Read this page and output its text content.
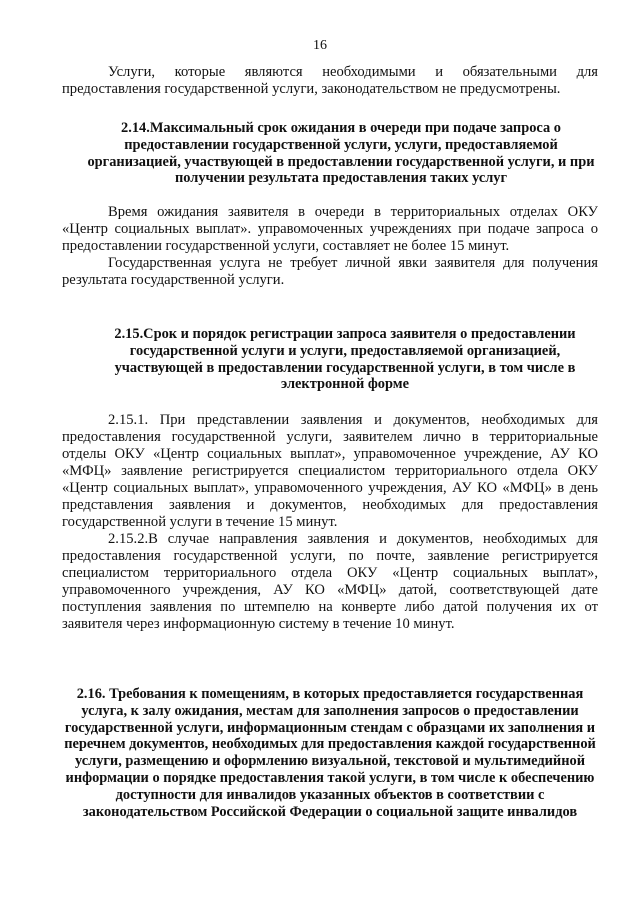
16

Услуги, которые являются необходимыми и обязательными для предоставления государственной услуги, законодательством не предусмотрены.

2.14.Максимальный срок ожидания в очереди при подаче запроса о предоставлении государственной услуги, услуги, предоставляемой организацией, участвующей в предоставлении государственной услуги, и при получении результата предоставления таких услуг

Время ожидания заявителя в очереди в территориальных отделах ОКУ «Центр социальных выплат». управомоченных учреждениях при подаче запроса о предоставлении государственной услуги, составляет не более 15 минут.

Государственная услуга не требует личной явки заявителя для получения результата государственной услуги.

2.15.Срок и порядок регистрации запроса заявителя о предоставлении государственной услуги и услуги, предоставляемой организацией, участвующей в предоставлении государственной услуги, в том числе в электронной форме

2.15.1. При представлении заявления и документов, необходимых для предоставления государственной услуги, заявителем лично в территориальные отделы ОКУ «Центр социальных выплат», управомоченное учреждение, АУ КО «МФЦ» заявление регистрируется специалистом территориального отдела ОКУ «Центр социальных выплат», управомоченного учреждения, АУ КО «МФЦ» в день представления заявления и документов, необходимых для предоставления государственной услуги в течение 15 минут.

2.15.2.В случае направления заявления и документов, необходимых для предоставления государственной услуги, по почте, заявление регистрируется специалистом территориального отдела ОКУ «Центр социальных выплат», управомоченного учреждения, АУ КО «МФЦ» датой, соответствующей дате поступления заявления по штемпелю на конверте либо датой получения их от заявителя через информационную систему в течение 10 минут.

2.16. Требования к помещениям, в которых предоставляется государственная услуга, к залу ожидания, местам для заполнения запросов о предоставлении государственной услуги, информационным стендам с образцами их заполнения и перечнем документов, необходимых для предоставления каждой государственной услуги, размещению и оформлению визуальной, текстовой и мультимедийной информации о порядке предоставления такой услуги, в том числе к обеспечению доступности для инвалидов указанных объектов в соответствии с законодательством Российской Федерации о социальной защите инвалидов
